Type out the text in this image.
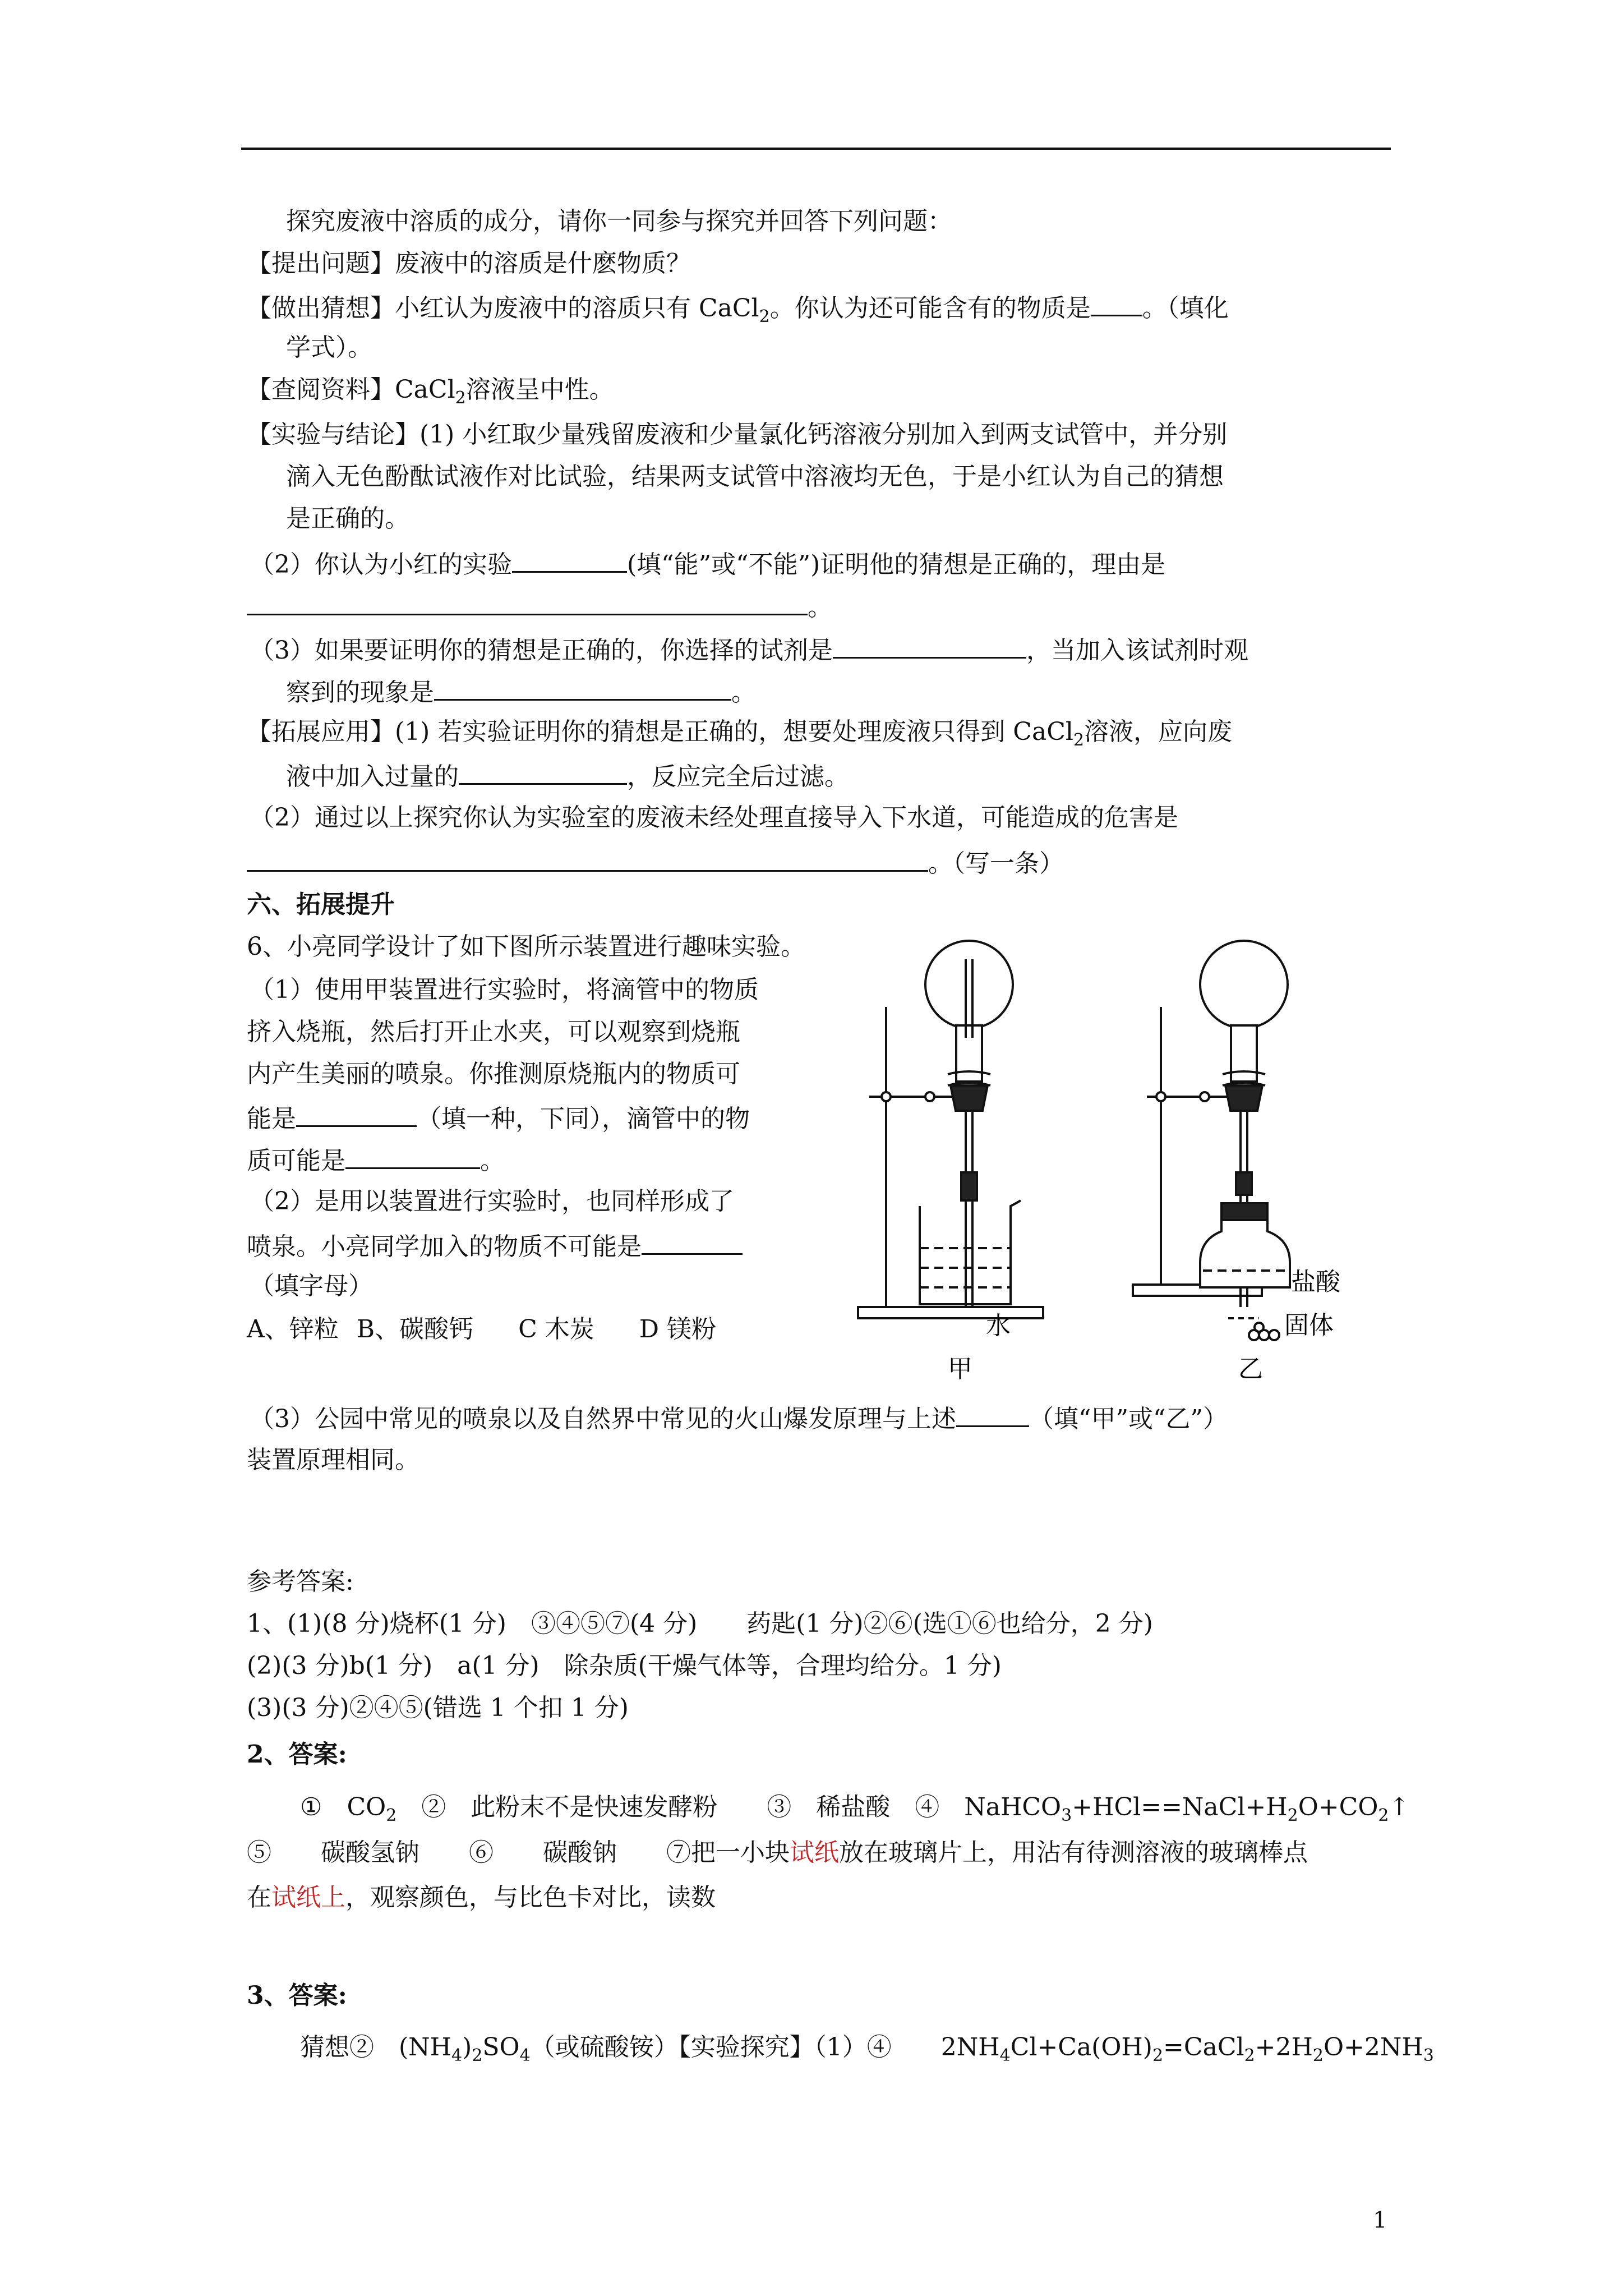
探究废液中溶质的成分，请你一同参与探究并回答下列问题：
【提出问题】废液中的溶质是什麽物质？
【做出猜想】小红认为废液中的溶质只有 CaCl$_2$。你认为还可能含有的物质是 。（填化
学式）。
【查阅资料】CaCl$_2$溶液呈中性。
【实验与结论】(1) 小红取少量残留废液和少量氯化钙溶液分别加入到两支试管中，并分别
滴入无色酚酞试液作对比试验，结果两支试管中溶液均无色，于是小红认为自己的猜想
是正确的。
（2）你认为小红的实验	(填“能”或“不能”)证明他的猜想是正确的，理由是
。
（3）如果要证明你的猜想是正确的，你选择的试剂是	，当加入该试剂时观
察到的现象是	。
【拓展应用】(1) 若实验证明你的猜想是正确的，想要处理废液只得到 CaCl$_2$溶液，应向废
液中加入过量的	，反应完全后过滤。
（2）通过以上探究你认为实验室的废液未经处理直接导入下水道，可能造成的危害是
。（写一条）
六、拓展提升
6、小亮同学设计了如下图所示装置进行趣味实验。
（1）使用甲装置进行实验时，将滴管中的物质
挤入烧瓶，然后打开止水夹，可以观察到烧瓶
内产生美丽的喷泉。你推测原烧瓶内的物质可
能是	（填一种，下同），滴管中的物
质可能是	。
（2）是用以装置进行实验时，也同样形成了
喷泉。小亮同学加入的物质不可能是
（填字母）
A、锌粒 B、碳酸钙 C 木炭 D 镁粉	水
甲
盐酸
固体
乙
（3）公园中常见的喷泉以及自然界中常见的火山爆发原理与上述	（填“甲”或“乙”）
装置原理相同。
参考答案:
1、(1)(8 分)烧杯(1 分)　③④⑤⑦(4 分)　　药匙(1 分)②⑥(选①⑥也给分，2 分)
(2)(3 分)b(1 分)　a(1 分)　除杂质(干燥气体等，合理均给分。1 分)
(3)(3 分)②④⑤(错选 1 个扣 1 分)
2、答案:
①　$CO_2$　②　此粉末不是快速发酵粉　　③　稀盐酸　④　$NaHCO_3+HCl==NaCl+H_2O+CO_2↑$
⑤　　碳酸氢钠　　⑥　　碳酸钠　　⑦把一小块试纸放在玻璃片上，用沾有待测溶液的玻璃棒点
在试纸上，观察颜色，与比色卡对比，读数
3、答案:
猜想②　$(NH_4)_2SO_4$（或硫酸铵）【实验探究】（1）④　　$2NH_4Cl+Ca(OH)_2=CaCl_2+2H_2O+2NH_3$
1
